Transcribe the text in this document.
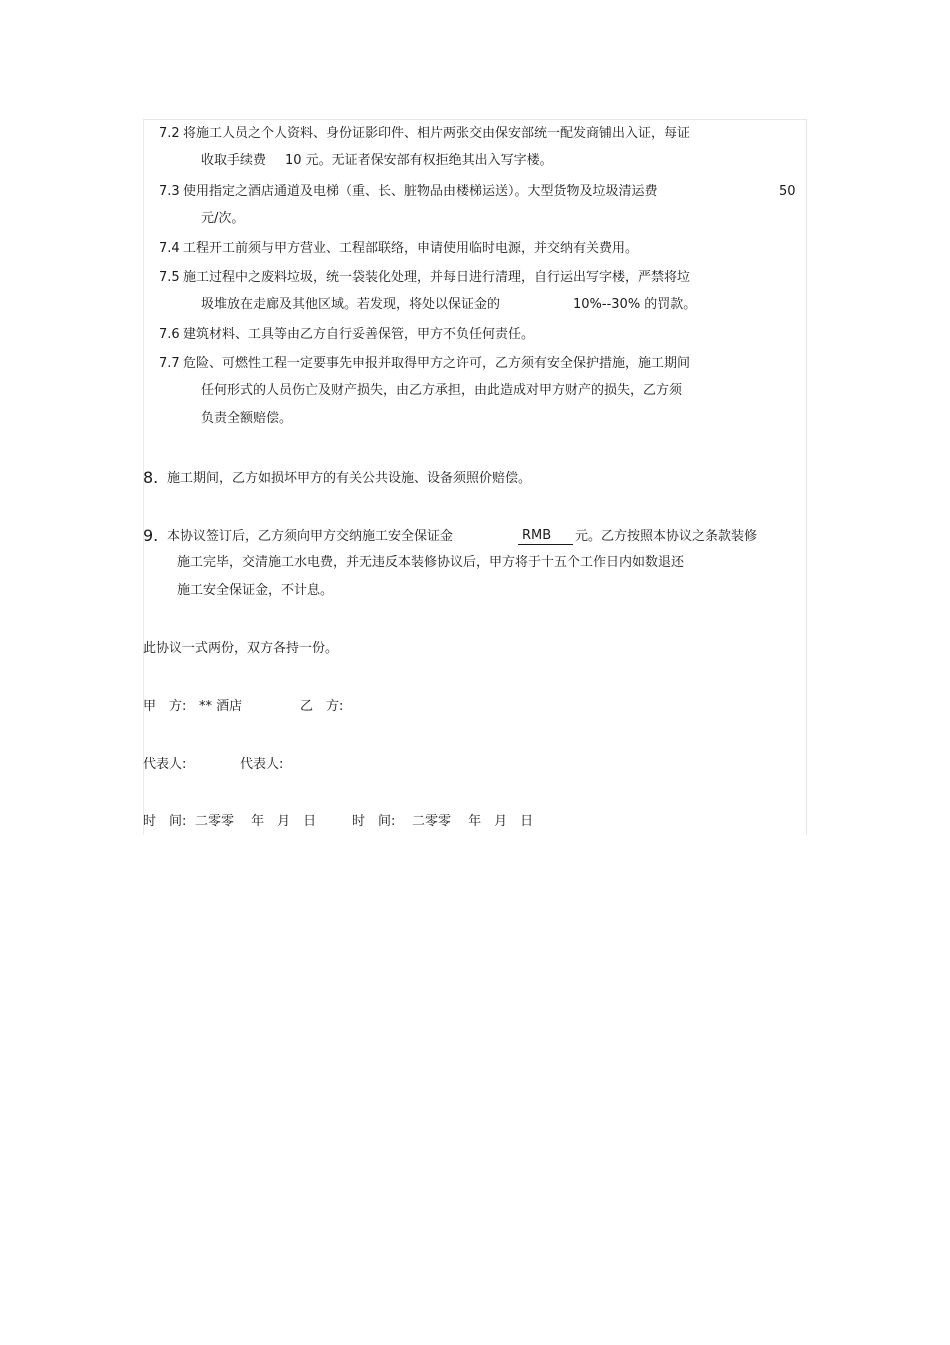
7.2 将施工人员之个人资料、身份证影印件、相片两张交由保安部统一配发商铺出入证，每证
收取手续费 10 元。无证者保安部有权拒绝其出入写字楼。
7.3 使用指定之酒店通道及电梯（重、长、脏物品由楼梯运送）。大型货物及垃圾清运费	50
元/次。
7.4 工程开工前须与甲方营业、工程部联络，申请使用临时电源，并交纳有关费用。
7.5 施工过程中之废料垃圾，统一袋装化处理，并每日进行清理，自行运出写字楼，严禁将垃
圾堆放在走廊及其他区域。若发现，将处以保证金的	10%--30% 的罚款。
7.6 建筑材料、工具等由乙方自行妥善保管，甲方不负任何责任。
7.7 危险、可燃性工程一定要事先申报并取得甲方之许可，乙方须有安全保护措施，施工期间
任何形式的人员伤亡及财产损失，由乙方承担，由此造成对甲方财产的损失，乙方须
负责全额赔偿。
8. 施工期间，乙方如损坏甲方的有关公共设施、设备须照价赔偿。
9. 本协议签订后，乙方须向甲方交纳施工安全保证金	RMB	元。乙方按照本协议之条款装修
施工完毕，交清施工水电费，并无违反本装修协议后，甲方将于十五个工作日内如数退还
施工安全保证金，不计息。
此协议一式两份，双方各持一份。
甲　方: ** 酒店	乙　方:
代表人:	代表人:
时　间: 二零零　 年　月　日	时　间: 二零零　 年　月　日
